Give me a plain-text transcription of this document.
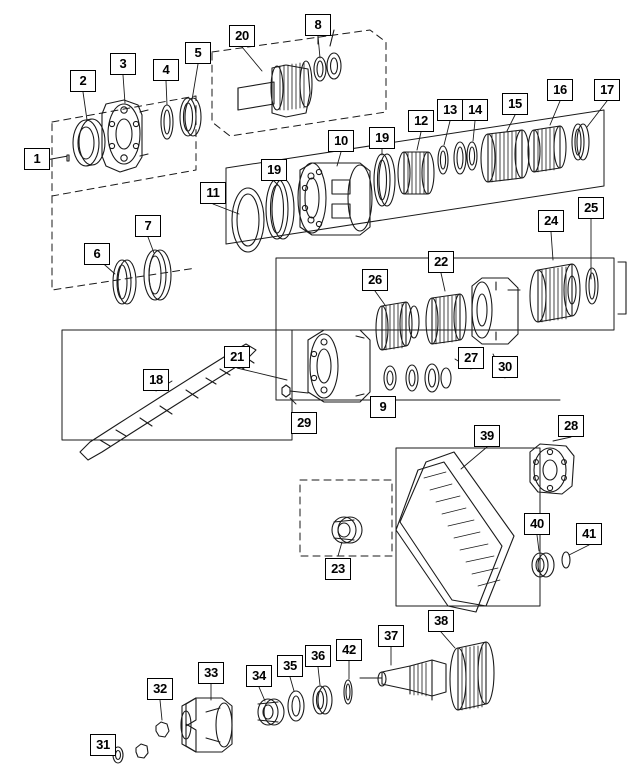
1
2
3	4
5
6
7
8
9
10
11
12
13 14	15
16	17
18
19
19
20
21
22
23
24
25
26
27
28
29
30
31
32
33	34
35
36
37
38
39
40
41
42
